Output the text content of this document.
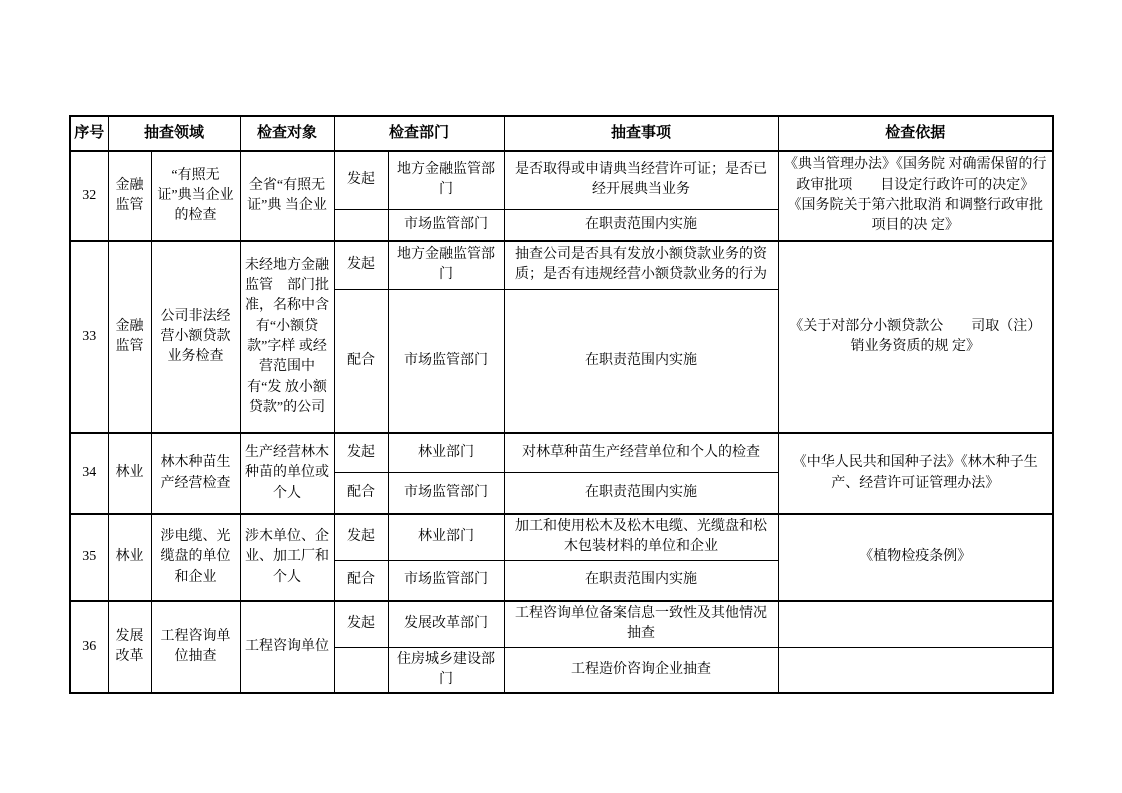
序号	抽查领域		检查对象	检查部门		抽查事项	检查依据
32	金融监管	“有照无证”典当企业的检查	全省“有照无证”典 当企业	发起	地方金融监管部门	是否取得或申请典当经营许可证；是否已 经开展典当业务	《典当管理办法》《国务院 对确需保留的行政审批项　　目设定行政许可的决定》 《国务院关于第六批取消 和调整行政审批项目的决 定》
					市场监管部门	在职责范围内实施	
33	金融监管	公司非法经营小额贷款业务检查	未经地方金融监管　部门批准，名称中含 有“小额贷款”字样 或经营范围中有“发 放小额贷款”的公司	发起	地方金融监管部门	抽查公司是否具有发放小额贷款业务的资质；是否有违规经营小额贷款业务的行为	《关于对部分小额贷款公　　司取（注）销业务资质的规 定》
				配合	市场监管部门	在职责范围内实施	
34	林业	林木种苗生产经营检查	生产经营林木种苗的单位或个人	发起	林业部门	对林草种苗生产经营单位和个人的检查	《中华人民共和国种子法》《林木种子生产、经营许可证管理办法》
				配合	市场监管部门	在职责范围内实施	
35	林业	涉电缆、光缆盘的单位和企业	涉木单位、企业、加工厂和个人	发起	林业部门	加工和使用松木及松木电缆、光缆盘和松木包装材料的单位和企业	《植物检疫条例》
				配合	市场监管部门	在职责范围内实施	
36	发展改革	工程咨询单位抽查	工程咨询单位	发起	发展改革部门	工程咨询单位备案信息一致性及其他情况 抽查	
					住房城乡建设部门	工程造价咨询企业抽查	
